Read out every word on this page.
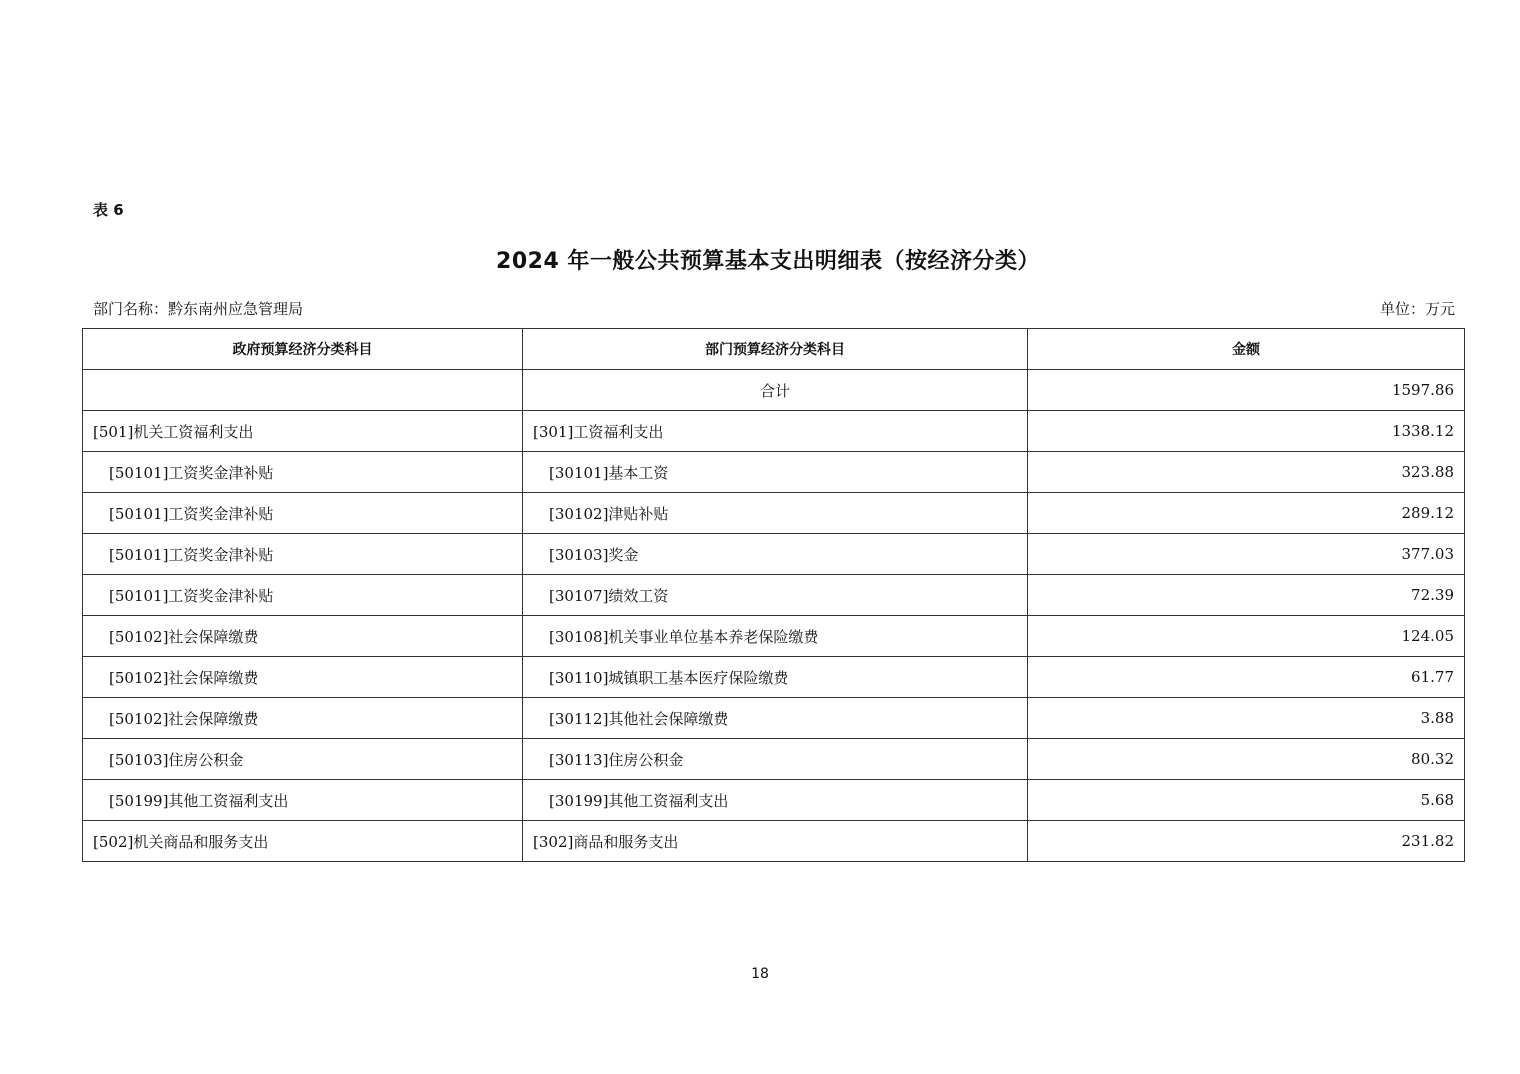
表 6
2024 年一般公共预算基本支出明细表（按经济分类）
部门名称：黔东南州应急管理局	单位：万元
政府预算经济分类科目	部门预算经济分类科目	金额
	合计	1597.86
[501]机关工资福利支出	[301]工资福利支出	1338.12
[50101]工资奖金津补贴	[30101]基本工资	323.88
[50101]工资奖金津补贴	[30102]津贴补贴	289.12
[50101]工资奖金津补贴	[30103]奖金	377.03
[50101]工资奖金津补贴	[30107]绩效工资	72.39
[50102]社会保障缴费	[30108]机关事业单位基本养老保险缴费	124.05
[50102]社会保障缴费	[30110]城镇职工基本医疗保险缴费	61.77
[50102]社会保障缴费	[30112]其他社会保障缴费	3.88
[50103]住房公积金	[30113]住房公积金	80.32
[50199]其他工资福利支出	[30199]其他工资福利支出	5.68
[502]机关商品和服务支出	[302]商品和服务支出	231.82
18
